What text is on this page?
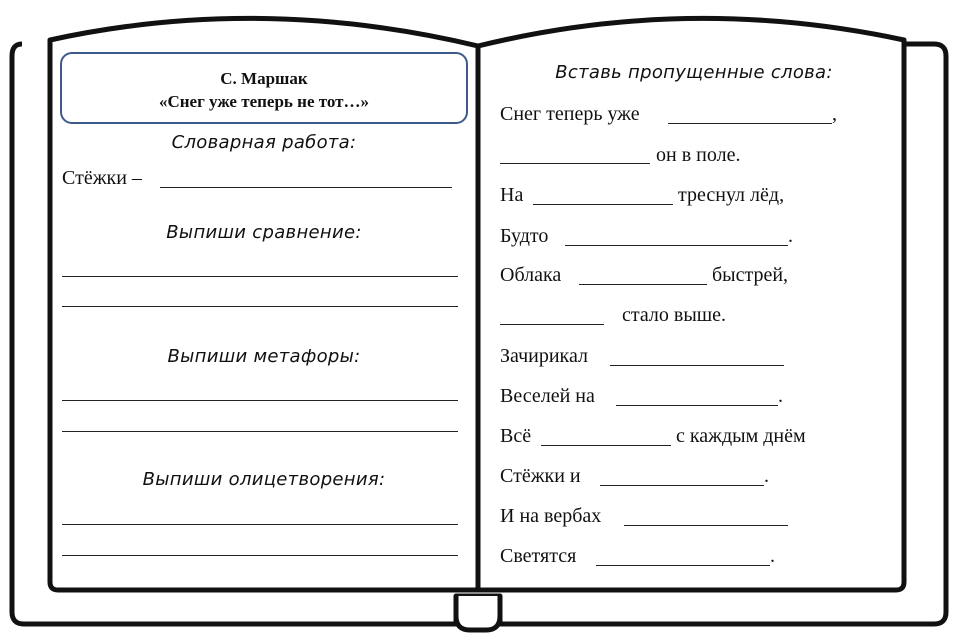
С. Маршак
«Снег уже теперь не тот…»
Словарная работа:
Стёжки –
Выпиши сравнение:
Выпиши метафоры:
Выпиши олицетворения:
Вставь пропущенные слова:
Снег теперь уже	,
он в поле.
На	треснул лёд,
Будто	.
Облака	быстрей,
стало выше.
Зачирикал
Веселей на	.
Всё	с каждым днём
Стёжки и	.
И на вербах
Светятся	.
